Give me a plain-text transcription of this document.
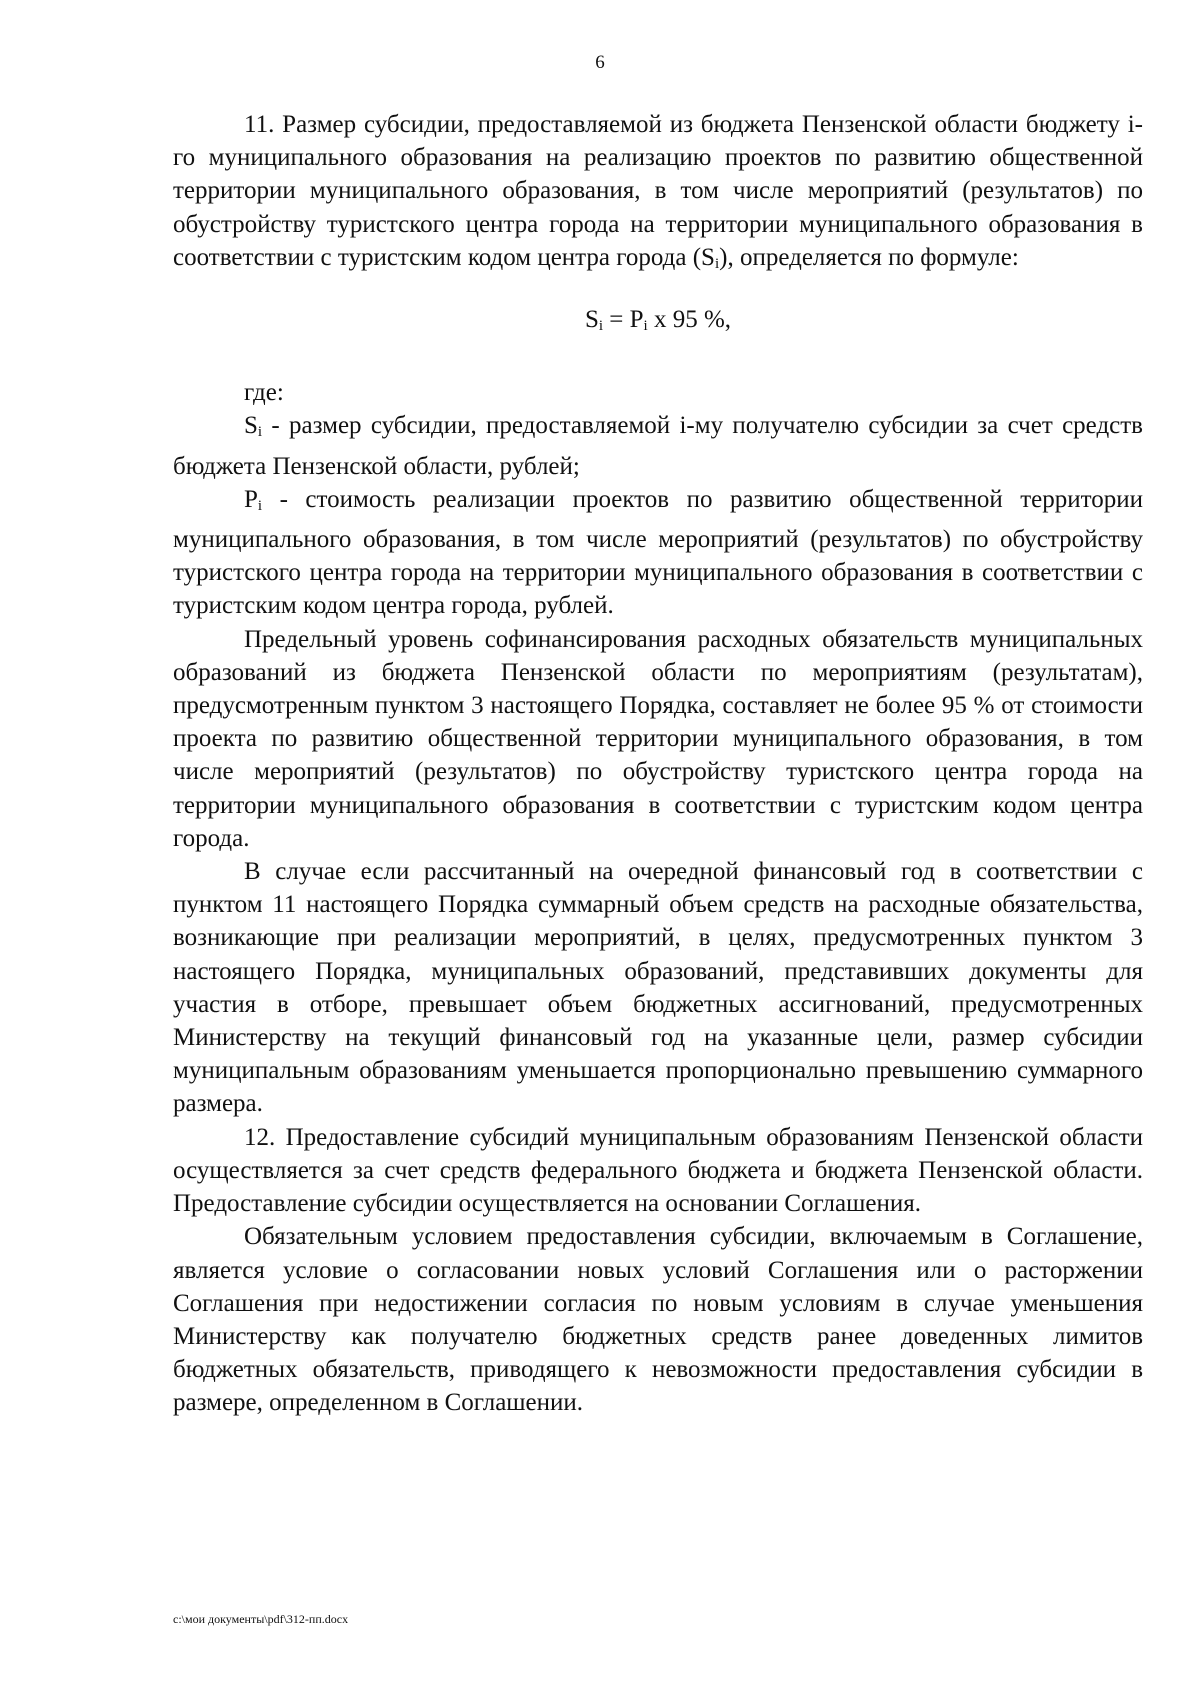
6

11. Размер субсидии, предоставляемой из бюджета Пензенской области бюджету i-го муниципального образования на реализацию проектов по развитию общественной территории муниципального образования, в том числе мероприятий (результатов) по обустройству туристского центра города на территории муниципального образования в соответствии с туристским кодом центра города $(S_i)$, определяется по формуле:

$S_i = P_i$ x 95 %,

где:

$S_i$ - размер субсидии, предоставляемой i-му получателю субсидии за счет средств бюджета Пензенской области, рублей;

$P_i$ - стоимость реализации проектов по развитию общественной территории муниципального образования, в том числе мероприятий (результатов) по обустройству туристского центра города на территории муниципального образования в соответствии с туристским кодом центра города, рублей.

Предельный уровень софинансирования расходных обязательств муниципальных образований из бюджета Пензенской области по мероприятиям (результатам), предусмотренным пунктом 3 настоящего Порядка, составляет не более 95 % от стоимости проекта по развитию общественной территории муниципального образования, в том числе мероприятий (результатов) по обустройству туристского центра города на территории муниципального образования в соответствии с туристским кодом центра города.

В случае если рассчитанный на очередной финансовый год в соответствии с пунктом 11 настоящего Порядка суммарный объем средств на расходные обязательства, возникающие при реализации мероприятий, в целях, предусмотренных пунктом 3 настоящего Порядка, муниципальных образований, представивших документы для участия в отборе, превышает объем бюджетных ассигнований, предусмотренных Министерству на текущий финансовый год на указанные цели, размер субсидии муниципальным образованиям уменьшается пропорционально превышению суммарного размера.

12. Предоставление субсидий муниципальным образованиям Пензенской области осуществляется за счет средств федерального бюджета и бюджета Пензенской области. Предоставление субсидии осуществляется на основании Соглашения.

Обязательным условием предоставления субсидии, включаемым в Соглашение, является условие о согласовании новых условий Соглашения или о расторжении Соглашения при недостижении согласия по новым условиям в случае уменьшения Министерству как получателю бюджетных средств ранее доведенных лимитов бюджетных обязательств, приводящего к невозможности предоставления субсидии в размере, определенном в Соглашении.

c:\мои документы\pdf\312-пп.docx
